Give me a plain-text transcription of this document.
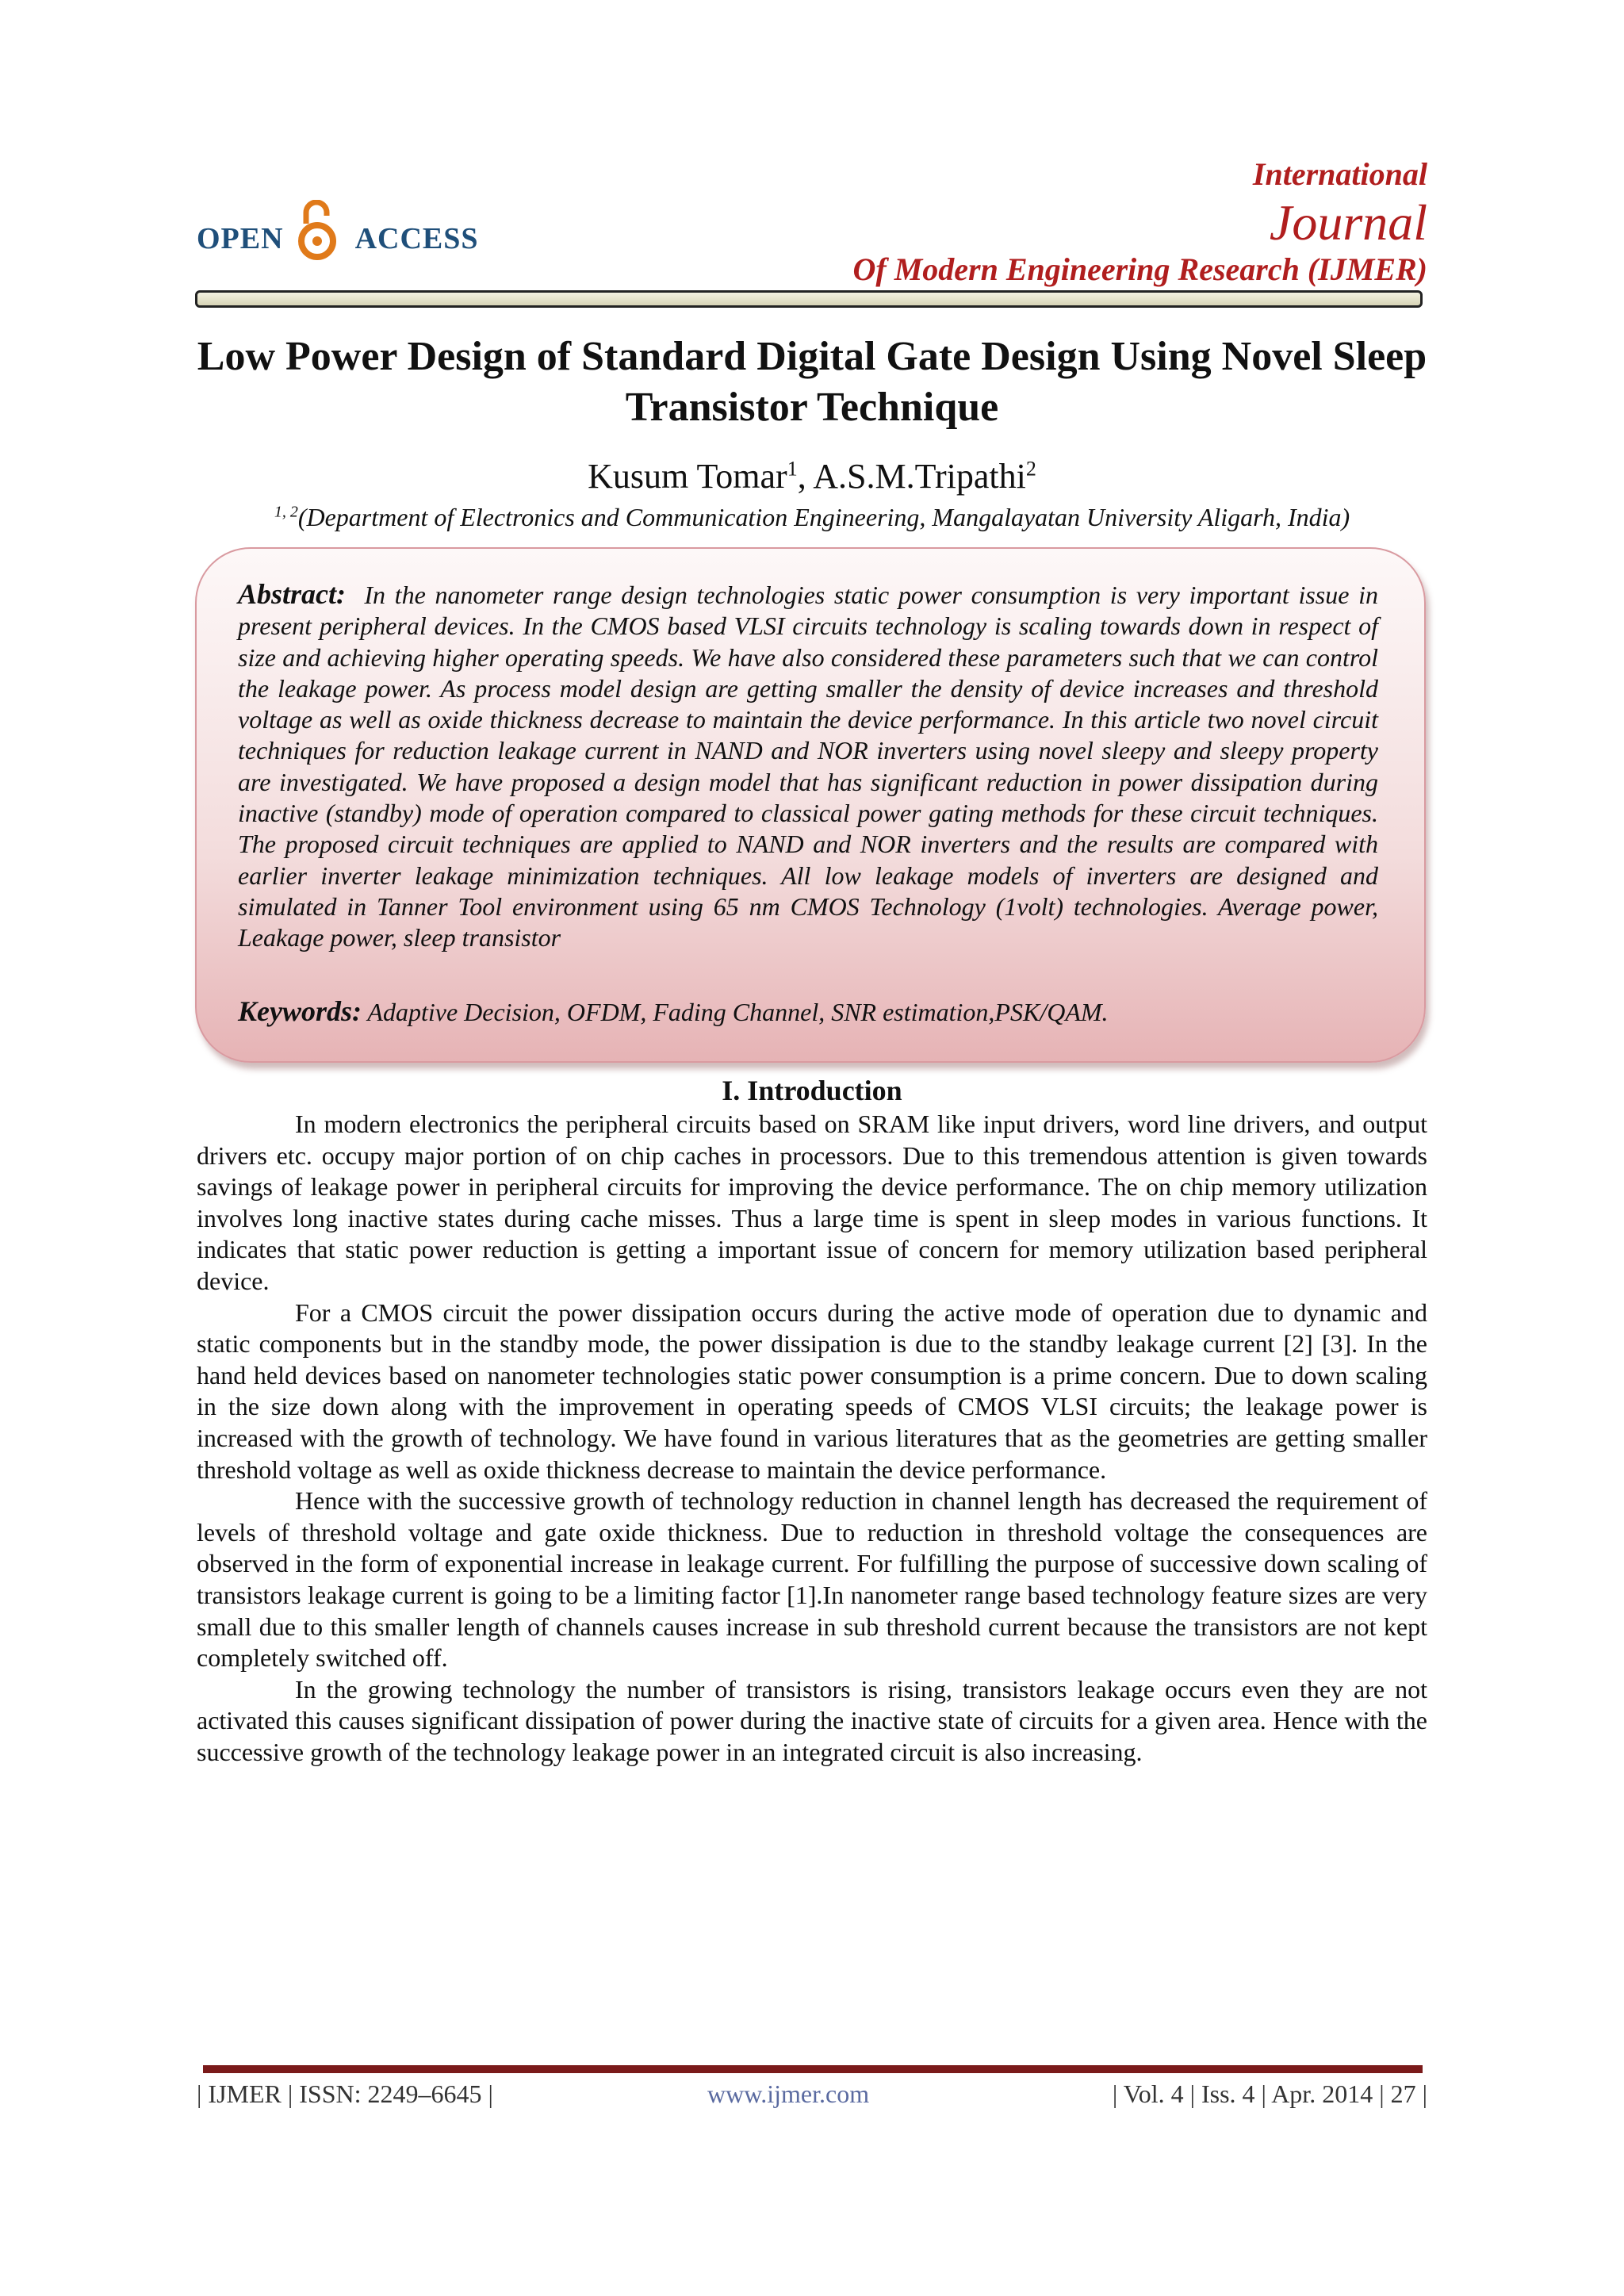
OPEN ACCESS
International
Journal
Of Modern Engineering Research (IJMER)
Low Power Design of Standard Digital Gate Design Using Novel Sleep Transistor Technique
Kusum Tomar$^1$, A.S.M.Tripathi$^2$
$^{1, 2}$(Department of Electronics and Communication Engineering, Mangalayatan University Aligarh, India)
Abstract: In the nanometer range design technologies static power consumption is very important issue in present peripheral devices. In the CMOS based VLSI circuits technology is scaling towards down in respect of size and achieving higher operating speeds. We have also considered these parameters such that we can control the leakage power. As process model design are getting smaller the density of device increases and threshold voltage as well as oxide thickness decrease to maintain the device performance. In this article two novel circuit techniques for reduction leakage current in NAND and NOR inverters using novel sleepy and sleepy property are investigated. We have proposed a design model that has significant reduction in power dissipation during inactive (standby) mode of operation compared to classical power gating methods for these circuit techniques. The proposed circuit techniques are applied to NAND and NOR inverters and the results are compared with earlier inverter leakage minimization techniques. All low leakage models of inverters are designed and simulated in Tanner Tool environment using 65 nm CMOS Technology (1volt) technologies. Average power, Leakage power, sleep transistor
Keywords: Adaptive Decision, OFDM, Fading Channel, SNR estimation,PSK/QAM.
I. Introduction

In modern electronics the peripheral circuits based on SRAM like input drivers, word line drivers, and output drivers etc. occupy major portion of on chip caches in processors. Due to this tremendous attention is given towards savings of leakage power in peripheral circuits for improving the device performance. The on chip memory utilization involves long inactive states during cache misses. Thus a large time is spent in sleep modes in various functions. It indicates that static power reduction is getting a important issue of concern for memory utilization based peripheral device.

For a CMOS circuit the power dissipation occurs during the active mode of operation due to dynamic and static components but in the standby mode, the power dissipation is due to the standby leakage current [2] [3]. In the hand held devices based on nanometer technologies static power consumption is a prime concern. Due to down scaling in the size down along with the improvement in operating speeds of CMOS VLSI circuits; the leakage power is increased with the growth of technology. We have found in various literatures that as the geometries are getting smaller threshold voltage as well as oxide thickness decrease to maintain the device performance.

Hence with the successive growth of technology reduction in channel length has decreased the requirement of levels of threshold voltage and gate oxide thickness. Due to reduction in threshold voltage the consequences are observed in the form of exponential increase in leakage current. For fulfilling the purpose of successive down scaling of transistors leakage current is going to be a limiting factor [1].In nanometer range based technology feature sizes are very small due to this smaller length of channels causes increase in sub threshold current because the transistors are not kept completely switched off.

In the growing technology the number of transistors is rising, transistors leakage occurs even they are not activated this causes significant dissipation of power during the inactive state of circuits for a given area. Hence with the successive growth of the technology leakage power in an integrated circuit is also increasing.

| IJMER | ISSN: 2249–6645 |	www.ijmer.com	| Vol. 4 | Iss. 4 | Apr. 2014 | 27 |
